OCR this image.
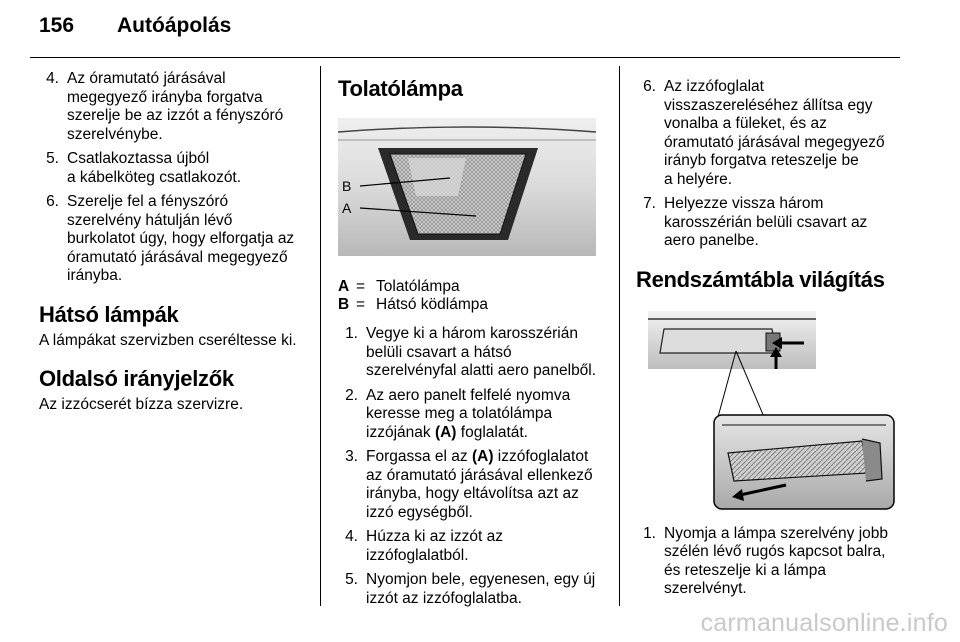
156 Autóápolás
4. Az óramutató járásával
megegyező irányba forgatva
szerelje be az izzót a fényszóró
szerelvénybe.
5. Csatlakoztassa újból
a kábelköteg csatlakozót.
6. Szerelje fel a fényszóró
szerelvény hátulján lévő
burkolatot úgy, hogy elforgatja az
óramutató járásával megegyező
irányba.
Hátsó lámpák

A lámpákat szervizben cseréltesse ki.

Oldalsó irányjelzők

Az izzócserét bízza szervizre.

Tolatólámpa
B
A
A = Tolatólámpa
B = Hátsó ködlámpa
1. Vegye ki a három karosszérián
belüli csavart a hátsó
szerelvényfal alatti aero panelből.
2. Az aero panelt felfelé nyomva
keresse meg a tolatólámpa
izzójának (A) foglalatát.
3. Forgassa el az (A) izzófoglalatot
az óramutató járásával ellenkező
irányba, hogy eltávolítsa azt az
izzó egységből.
4. Húzza ki az izzót az
izzófoglalatból.
5. Nyomjon bele, egyenesen, egy új
izzót az izzófoglalatba.
6. Az izzófoglalat
visszaszereléséhez állítsa egy
vonalba a füleket, és az
óramutató járásával megegyező
irányb forgatva reteszelje be
a helyére.
7. Helyezze vissza három
karosszérián belüli csavart az
aero panelbe.
Rendszámtábla világítás
1. Nyomja a lámpa szerelvény jobb
szélén lévő rugós kapcsot balra,
és reteszelje ki a lámpa
szerelvényt.
carmanualsonline.info
